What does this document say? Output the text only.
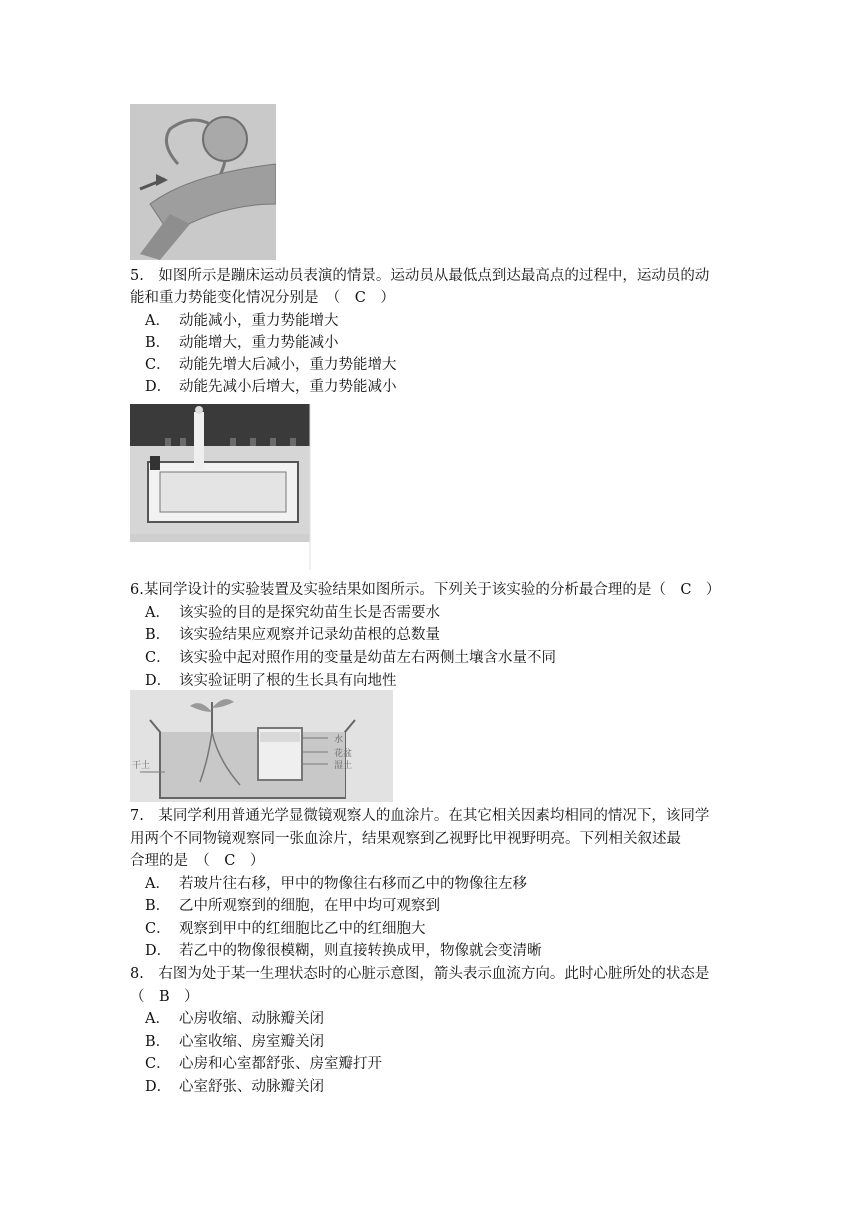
5.　如图所示是蹦床运动员表演的情景。运动员从最低点到达最高点的过程中，运动员的动
能和重力势能变化情况分别是　（　C　）
A． 动能减小，重力势能增大
B． 动能增大，重力势能减小
C． 动能先增大后减小，重力势能增大
D． 动能先减小后增大，重力势能减小
6.某同学设计的实验装置及实验结果如图所示。下列关于该实验的分析最合理的是（　C　）
A． 该实验的目的是探究幼苗生长是否需要水
B． 该实验结果应观察并记录幼苗根的总数量
C． 该实验中起对照作用的变量是幼苗左右两侧土壤含水量不同
D． 该实验证明了根的生长具有向地性
水
花盆
湿土
干土
7.　某同学利用普通光学显微镜观察人的血涂片。在其它相关因素均相同的情况下，该同学
用两个不同物镜观察同一张血涂片，结果观察到乙视野比甲视野明亮。下列相关叙述最
合理的是　（　C　）
A． 若玻片往右移，甲中的物像往右移而乙中的物像往左移
B． 乙中所观察到的细胞，在甲中均可观察到
C． 观察到甲中的红细胞比乙中的红细胞大
D． 若乙中的物像很模糊，则直接转换成甲，物像就会变清晰
8.　右图为处于某一生理状态时的心脏示意图，箭头表示血流方向。此时心脏所处的状态是
（　B　）
A． 心房收缩、动脉瓣关闭
B． 心室收缩、房室瓣关闭
C． 心房和心室都舒张、房室瓣打开
D． 心室舒张、动脉瓣关闭
